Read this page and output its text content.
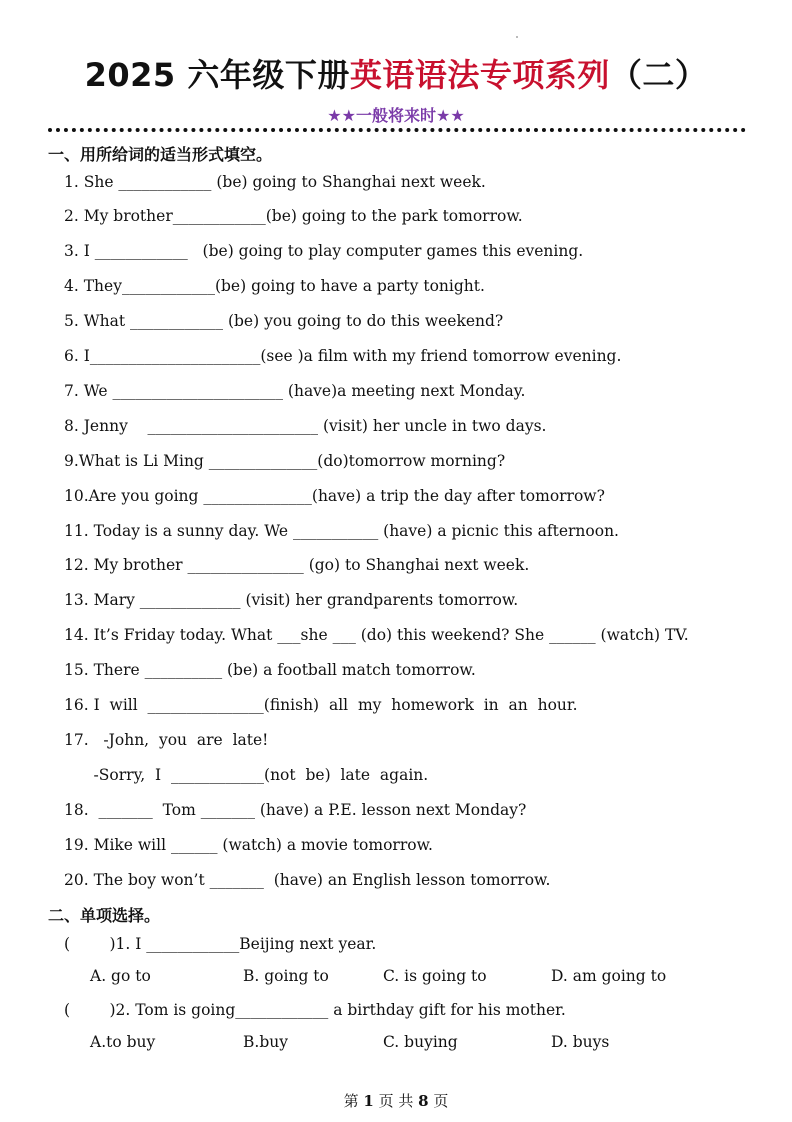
2025 六年级下册英语语法专项系列（二）
★★一般将来时★★
一、用所给词的适当形式填空。
1. She ____________ (be) going to Shanghai next week.
2. My brother____________(be) going to the park tomorrow.
3. I ____________   (be) going to play computer games this evening.
4. They____________(be) going to have a party tonight.
5. What ____________ (be) you going to do this weekend?
6. I______________________(see )a film with my friend tomorrow evening.
7. We ______________________ (have)a meeting next Monday.
8. Jenny    ______________________ (visit) her uncle in two days.
9.What is Li Ming ______________(do)tomorrow morning?
10.Are you going ______________(have) a trip the day after tomorrow?
11. Today is a sunny day. We ___________ (have) a picnic this afternoon.
12. My brother _______________ (go) to Shanghai next week.
13. Mary _____________ (visit) her grandparents tomorrow.
14. It’s Friday today. What ___she ___ (do) this weekend? She ______ (watch) TV.
15. There __________ (be) a football match tomorrow.
16. I  will  _______________(finish)  all  my  homework  in  an  hour.
17.   -John,  you  are  late!
-Sorry,  I  ____________(not  be)  late  again.
18.  _______  Tom _______ (have) a P.E. lesson next Monday?
19. Mike will ______ (watch) a movie tomorrow.
20. The boy won’t _______  (have) an English lesson tomorrow.
二、单项选择。
(        )1. I ____________Beijing next year.
A. go to	B. going to	C. is going to	D. am going to
(        )2. Tom is going____________ a birthday gift for his mother.
A.to buy	B.buy	C. buying	D. buys
第 1 页 共 8 页
